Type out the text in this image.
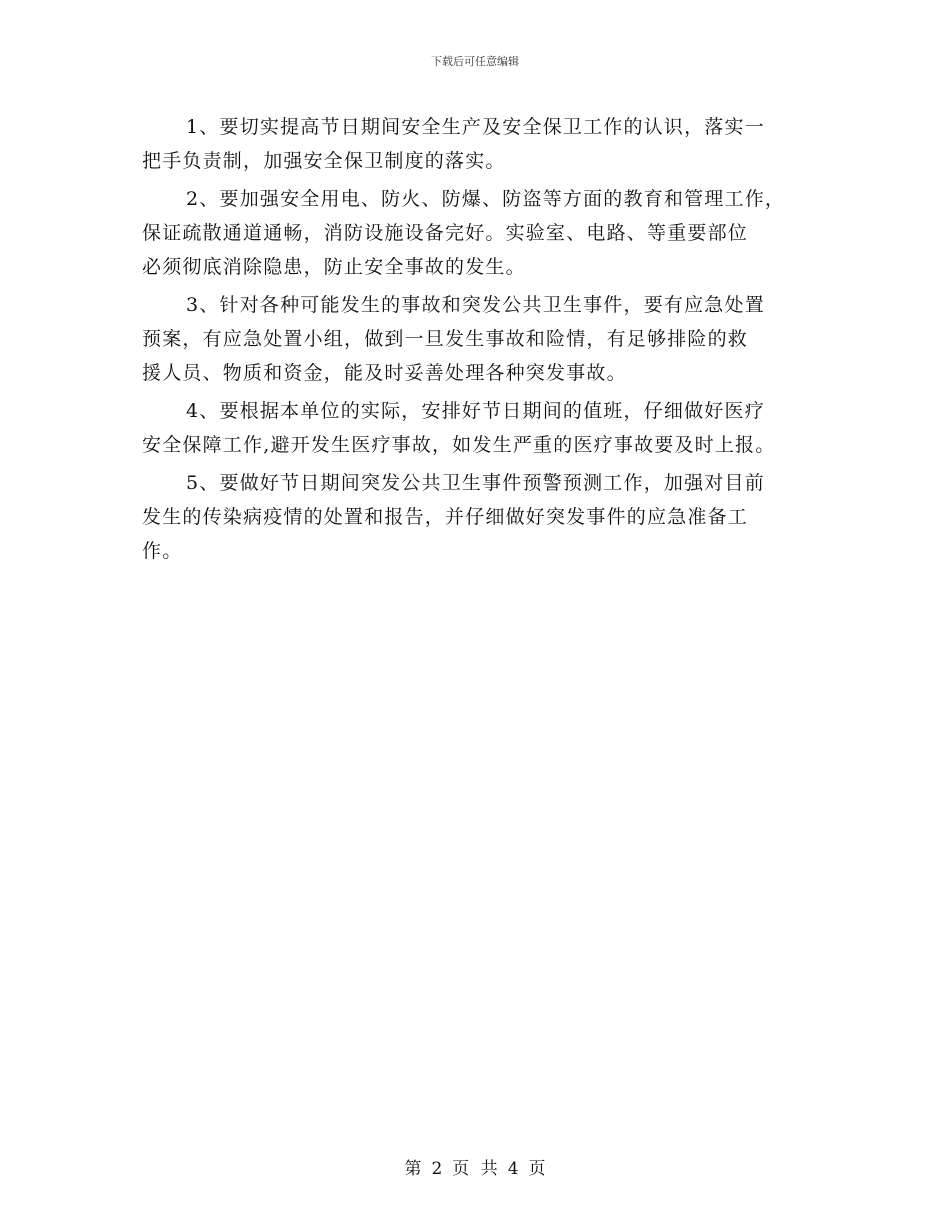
下载后可任意编辑

1、要切实提高节日期间安全生产及安全保卫工作的认识，落实一
把手负责制，加强安全保卫制度的落实。

2、要加强安全用电、防火、防爆、防盗等方面的教育和管理工作，
保证疏散通道通畅，消防设施设备完好。实验室、电路、等重要部位
必须彻底消除隐患，防止安全事故的发生。

3、针对各种可能发生的事故和突发公共卫生事件，要有应急处置
预案，有应急处置小组，做到一旦发生事故和险情，有足够排险的救
援人员、物质和资金，能及时妥善处理各种突发事故。

4、要根据本单位的实际，安排好节日期间的值班，仔细做好医疗
安全保障工作,避开发生医疗事故，如发生严重的医疗事故要及时上报。

5、要做好节日期间突发公共卫生事件预警预测工作，加强对目前
发生的传染病疫情的处置和报告，并仔细做好突发事件的应急准备工
作。

第 2 页 共 4 页
